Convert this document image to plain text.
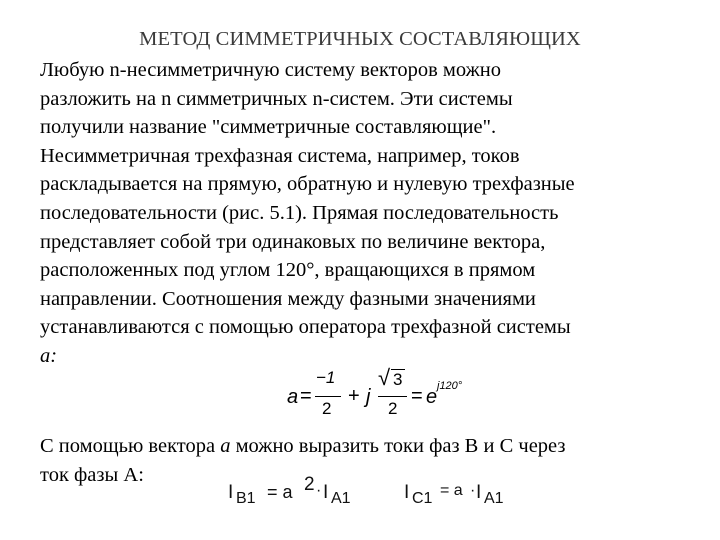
МЕТОД СИММЕТРИЧНЫХ СОСТАВЛЯЮЩИХ
Любую n-несимметричную систему векторов можно
разложить на n симметричных n-систем. Эти системы
получили название "симметричные составляющие".
Несимметричная трехфазная система, например, токов
раскладывается на прямую, обратную и нулевую трехфазные
последовательности (рис. 5.1). Прямая последовательность
представляет собой три одинаковых по величине вектора,
расположенных под углом 120°, вращающихся в прямом
направлении. Соотношения между фазными значениями
устанавливаются с помощью оператора трехфазной системы
a:
a =
−1
2
+ j
√ 3
2
= e j120°
С помощью вектора a можно выразить токи фаз B и C через
ток фазы А:
I B1 = a 2 · I A1	I C1 = a · I A1
